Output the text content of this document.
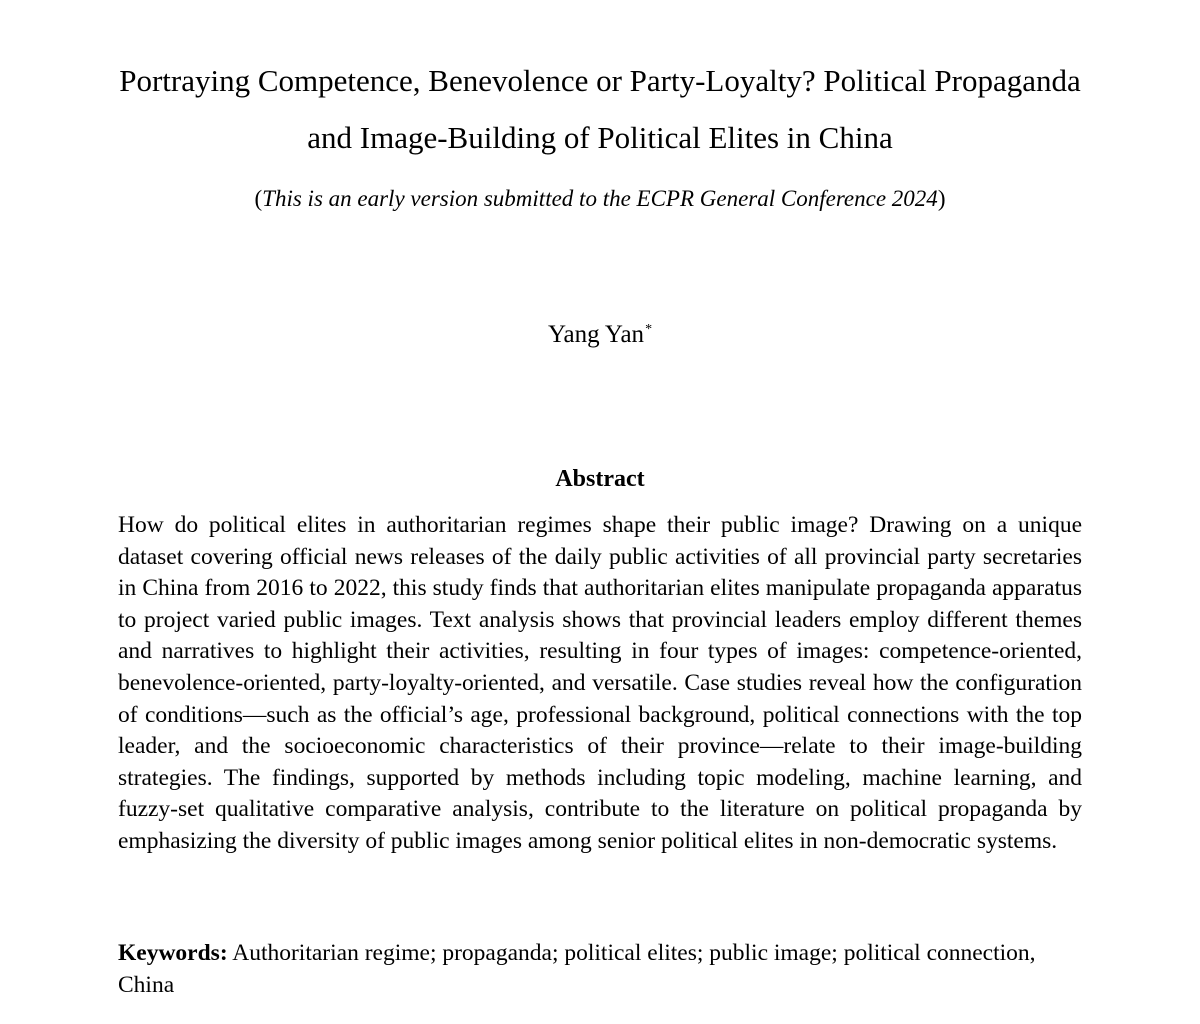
Portraying Competence, Benevolence or Party-Loyalty? Political Propaganda
and Image-Building of Political Elites in China
(This is an early version submitted to the ECPR General Conference 2024)
Yang Yan*
Abstract

How do political elites in authoritarian regimes shape their public image? Drawing on a unique dataset covering official news releases of the daily public activities of all provincial party secretaries in China from 2016 to 2022, this study finds that authoritarian elites manipulate propaganda apparatus to project varied public images. Text analysis shows that provincial leaders employ different themes and narratives to highlight their activities, resulting in four types of images: competence-oriented, benevolence-oriented, party-loyalty-oriented, and versatile. Case studies reveal how the configuration of conditions—such as the official’s age, professional background, political connections with the top leader, and the socioeconomic characteristics of their province—relate to their image-building strategies. The findings, supported by methods including topic modeling, machine learning, and fuzzy-set qualitative comparative analysis, contribute to the literature on political propaganda by emphasizing the diversity of public images among senior political elites in non-democratic systems.

Keywords: Authoritarian regime; propaganda; political elites; public image; political connection, China
